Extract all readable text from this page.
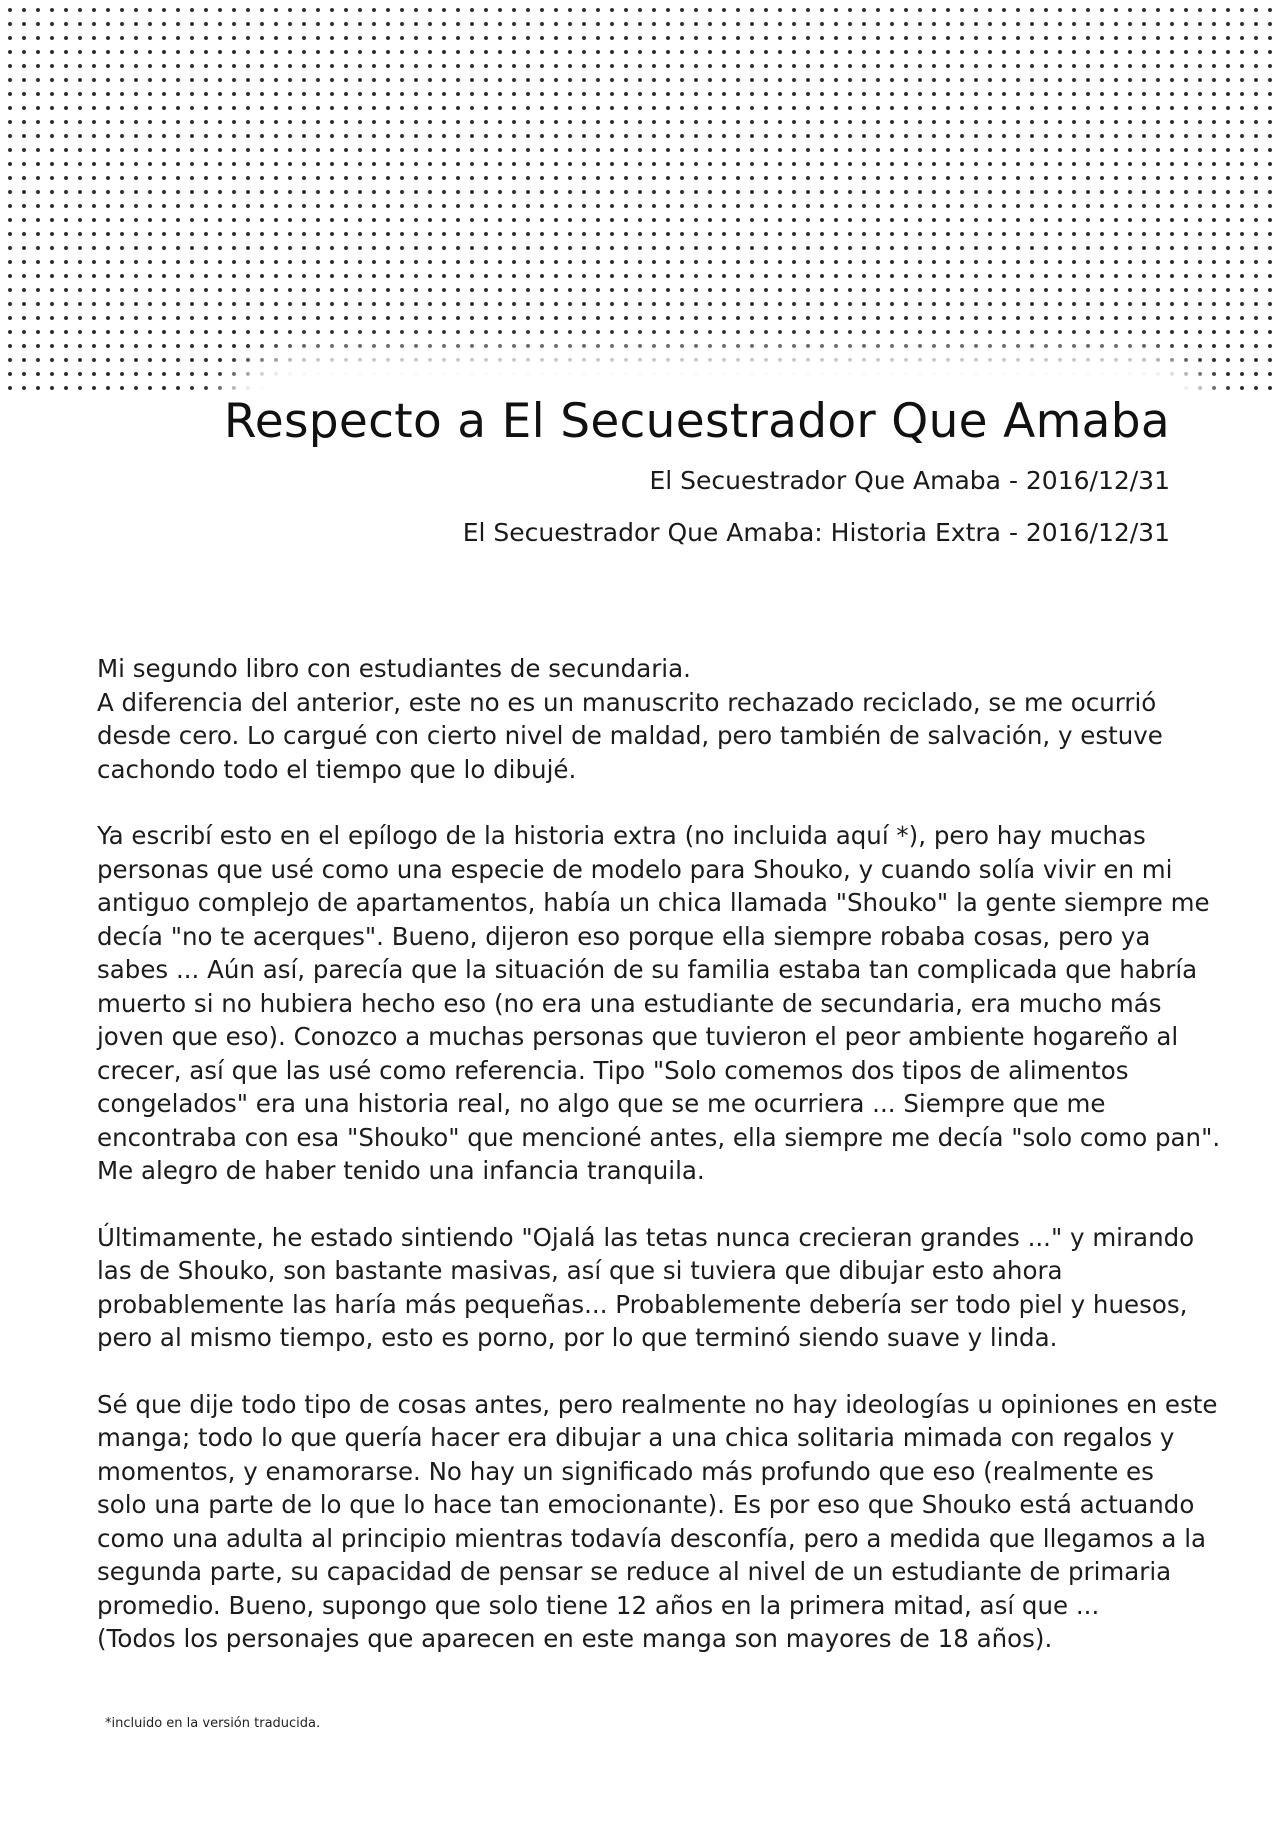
Respecto a El Secuestrador Que Amaba
El Secuestrador Que Amaba - 2016/12/31
El Secuestrador Que Amaba: Historia Extra - 2016/12/31

Mi segundo libro con estudiantes de secundaria.
A diferencia del anterior, este no es un manuscrito rechazado reciclado, se me ocurrió
desde cero. Lo cargué con cierto nivel de maldad, pero también de salvación, y estuve
cachondo todo el tiempo que lo dibujé.

Ya escribí esto en el epílogo de la historia extra (no incluida aquí *), pero hay muchas
personas que usé como una especie de modelo para Shouko, y cuando solía vivir en mi
antiguo complejo de apartamentos, había un chica llamada "Shouko" la gente siempre me
decía "no te acerques". Bueno, dijeron eso porque ella siempre robaba cosas, pero ya
sabes ... Aún así, parecía que la situación de su familia estaba tan complicada que habría
muerto si no hubiera hecho eso (no era una estudiante de secundaria, era mucho más
joven que eso). Conozco a muchas personas que tuvieron el peor ambiente hogareño al
crecer, así que las usé como referencia. Tipo "Solo comemos dos tipos de alimentos
congelados" era una historia real, no algo que se me ocurriera ... Siempre que me
encontraba con esa "Shouko" que mencioné antes, ella siempre me decía "solo como pan".
Me alegro de haber tenido una infancia tranquila.

Últimamente, he estado sintiendo "Ojalá las tetas nunca crecieran grandes ..." y mirando
las de Shouko, son bastante masivas, así que si tuviera que dibujar esto ahora
probablemente las haría más pequeñas... Probablemente debería ser todo piel y huesos,
pero al mismo tiempo, esto es porno, por lo que terminó siendo suave y linda.

Sé que dije todo tipo de cosas antes, pero realmente no hay ideologías u opiniones en este
manga; todo lo que quería hacer era dibujar a una chica solitaria mimada con regalos y
momentos, y enamorarse. No hay un significado más profundo que eso (realmente es
solo una parte de lo que lo hace tan emocionante). Es por eso que Shouko está actuando
como una adulta al principio mientras todavía desconfía, pero a medida que llegamos a la
segunda parte, su capacidad de pensar se reduce al nivel de un estudiante de primaria
promedio. Bueno, supongo que solo tiene 12 años en la primera mitad, así que ...
(Todos los personajes que aparecen en este manga son mayores de 18 años).

*incluido en la versión traducida.
